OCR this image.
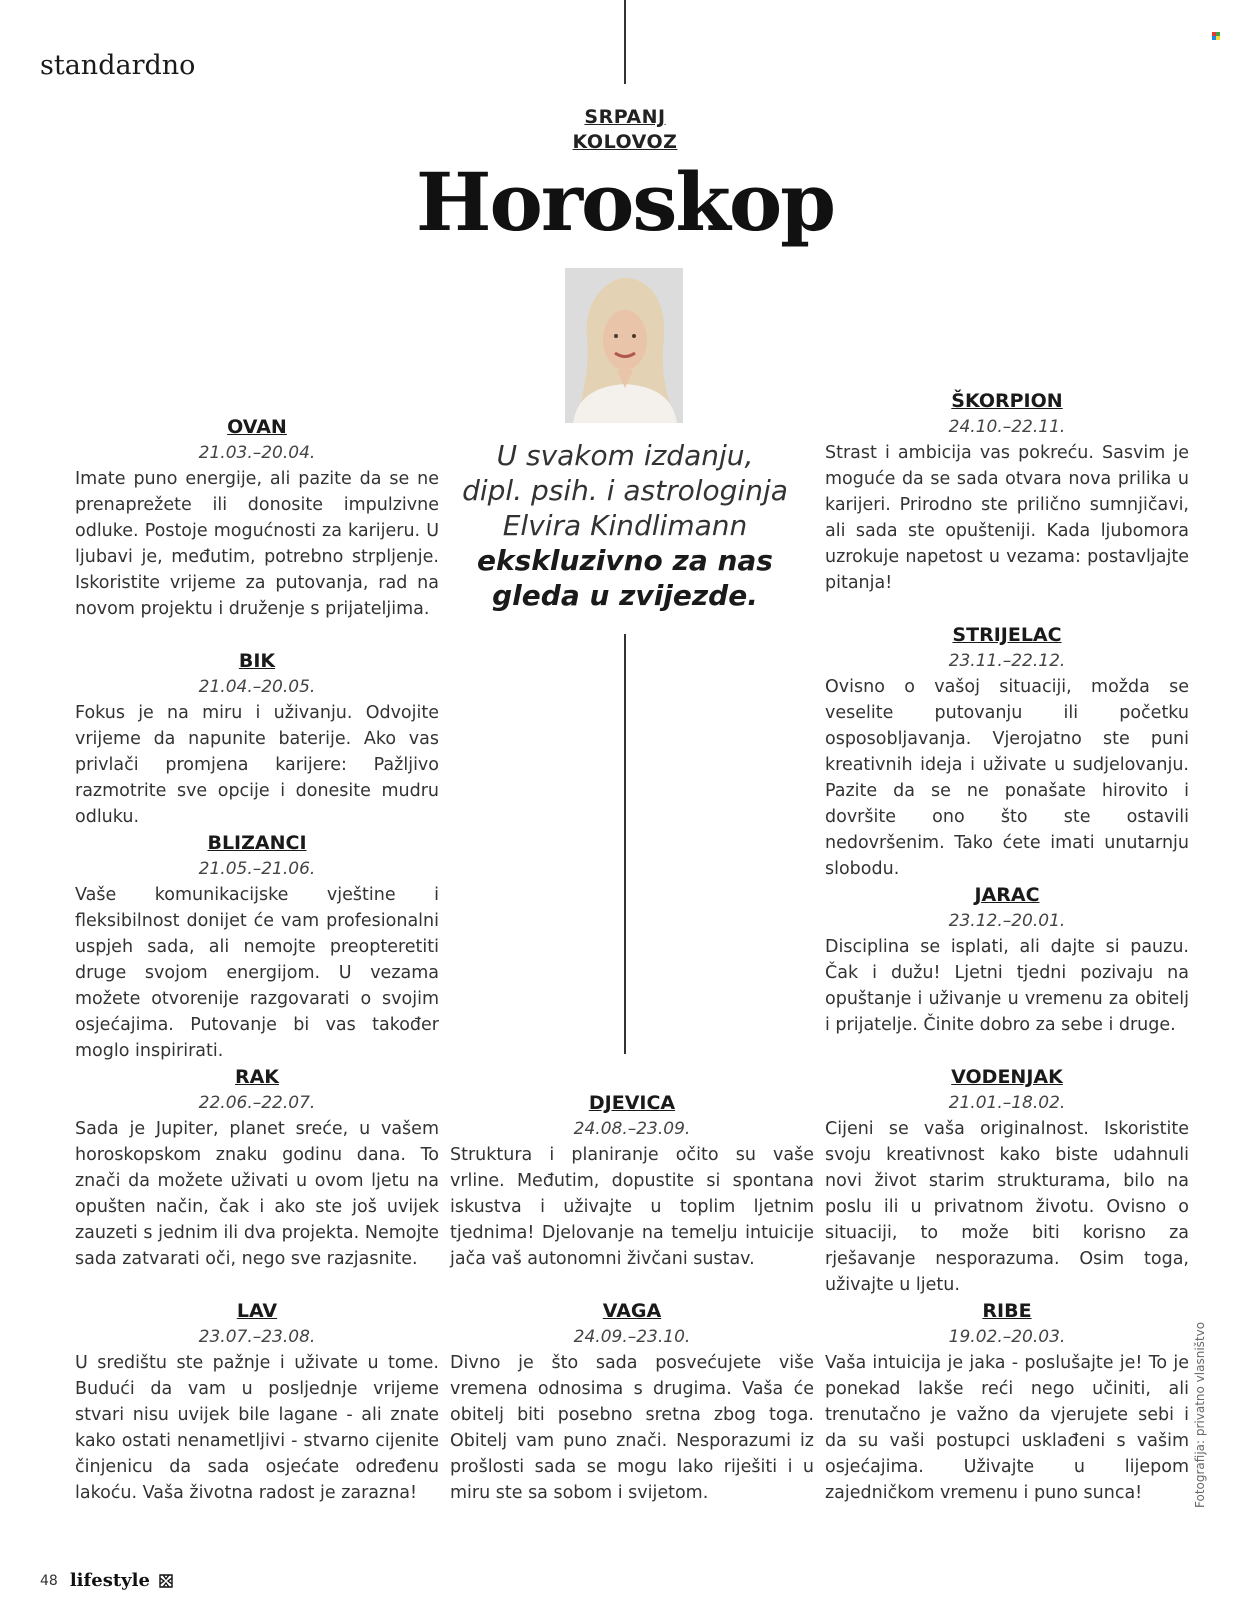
standardno
SRPANJ
KOLOVOZ
Horoskop
U svakom izdanju,
dipl. psih. i astrologinja
Elvira Kindlimann
ekskluzivno za nas
gleda u zvijezde.
OVAN
21.03.–20.04.
Imate puno energije, ali pazite da se ne prenaprežete ili donosite impulzivne odluke. Postoje mogućnosti za karijeru. U ljubavi je, međutim, potrebno strpljenje. Iskoristite vrijeme za putovanja, rad na novom projektu i druženje s prijateljima.
BIK
21.04.–20.05.
Fokus je na miru i uživanju. Odvojite vrijeme da napunite baterije. Ako vas privlači promjena karijere: Pažljivo razmotrite sve opcije i donesite mudru odluku.
BLIZANCI
21.05.–21.06.
Vaše komunikacijske vještine i fleksibilnost donijet će vam profesionalni uspjeh sada, ali nemojte preopteretiti druge svojom energijom. U vezama možete otvorenije razgovarati o svojim osjećajima. Putovanje bi vas također moglo inspirirati.
RAK
22.06.–22.07.
Sada je Jupiter, planet sreće, u vašem horoskopskom znaku godinu dana. To znači da možete uživati u ovom ljetu na opušten način, čak i ako ste još uvijek zauzeti s jednim ili dva projekta. Nemojte sada zatvarati oči, nego sve razjasnite.
LAV
23.07.–23.08.
U središtu ste pažnje i uživate u tome. Budući da vam u posljednje vrijeme stvari nisu uvijek bile lagane - ali znate kako ostati nenametljivi - stvarno cijenite činjenicu da sada osjećate određenu lakoću. Vaša životna radost je zarazna!
DJEVICA
24.08.–23.09.
Struktura i planiranje očito su vaše vrline. Međutim, dopustite si spontana iskustva i uživajte u toplim ljetnim tjednima! Djelovanje na temelju intuicije jača vaš autonomni živčani sustav.
VAGA
24.09.–23.10.
Divno je što sada posvećujete više vremena odnosima s drugima. Vaša će obitelj biti posebno sretna zbog toga. Obitelj vam puno znači. Nesporazumi iz prošlosti sada se mogu lako riješiti i u miru ste sa sobom i svijetom.
ŠKORPION
24.10.–22.11.
Strast i ambicija vas pokreću. Sasvim je moguće da se sada otvara nova prilika u karijeri. Prirodno ste prilično sumnjičavi, ali sada ste opušteniji. Kada ljubomora uzrokuje napetost u vezama: postavljajte pitanja!
STRIJELAC
23.11.–22.12.
Ovisno o vašoj situaciji, možda se veselite putovanju ili početku osposobljavanja. Vjerojatno ste puni kreativnih ideja i uživate u sudjelovanju. Pazite da se ne ponašate hirovito i dovršite ono što ste ostavili nedovršenim. Tako ćete imati unutarnju slobodu.
JARAC
23.12.–20.01.
Disciplina se isplati, ali dajte si pauzu. Čak i dužu! Ljetni tjedni pozivaju na opuštanje i uživanje u vremenu za obitelj i prijatelje. Činite dobro za sebe i druge.
VODENJAK
21.01.–18.02.
Cijeni se vaša originalnost. Iskoristite svoju kreativnost kako biste udahnuli novi život starim strukturama, bilo na poslu ili u privatnom životu. Ovisno o situaciji, to može biti korisno za rješavanje nesporazuma. Osim toga, uživajte u ljetu.
RIBE
19.02.–20.03.
Vaša intuicija je jaka - poslušajte je! To je ponekad lakše reći nego učiniti, ali trenutačno je važno da vjerujete sebi i da su vaši postupci usklađeni s vašim osjećajima. Uživajte u lijepom zajedničkom vremenu i puno sunca!	Fotografija: privatno vlasništvo
48 lifestyle
